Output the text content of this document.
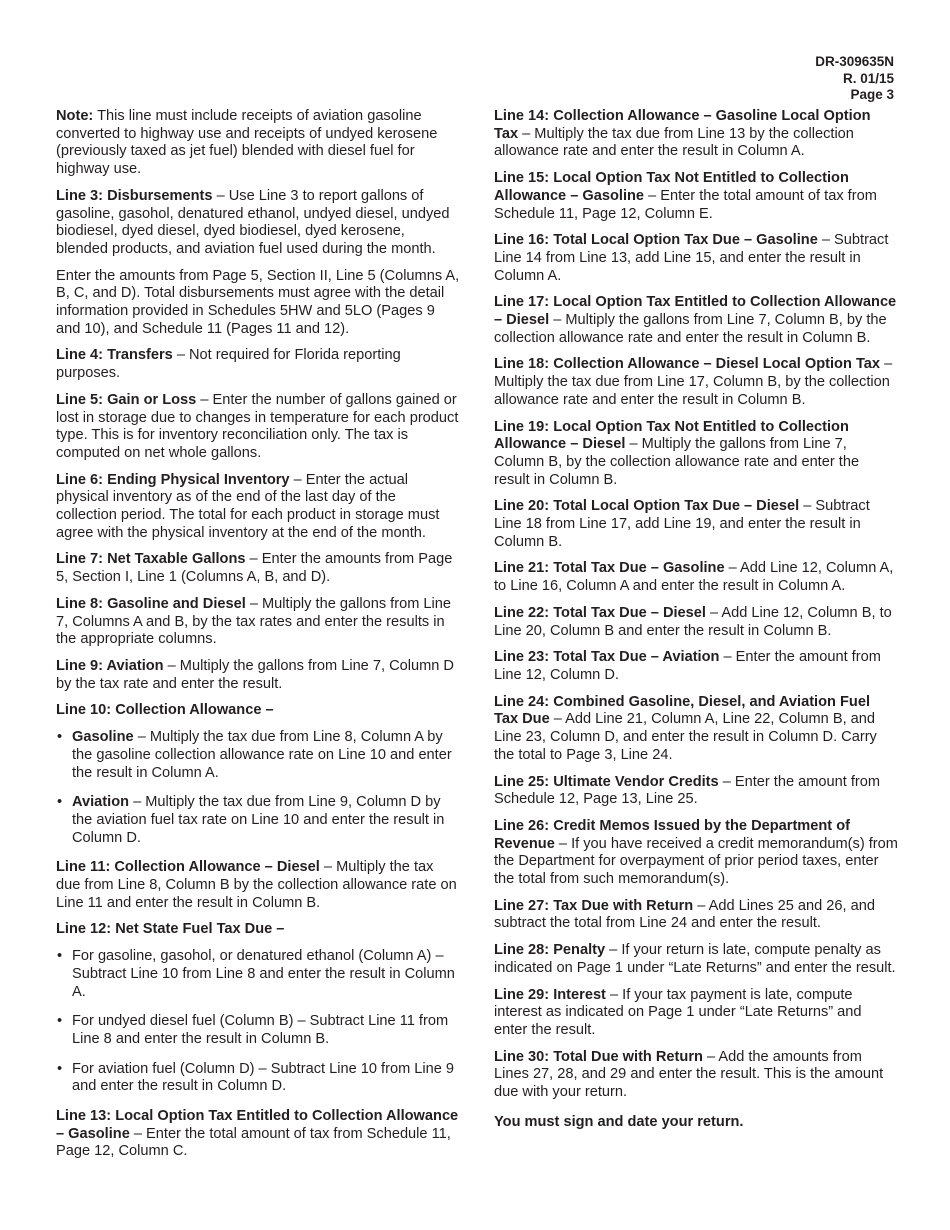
DR-309635N
R. 01/15
Page 3
Note: This line must include receipts of aviation gasoline converted to highway use and receipts of undyed kerosene (previously taxed as jet fuel) blended with diesel fuel for highway use.
Line 3: Disbursements – Use Line 3 to report gallons of gasoline, gasohol, denatured ethanol, undyed diesel, undyed biodiesel, dyed diesel, dyed biodiesel, dyed kerosene, blended products, and aviation fuel used during the month.
Enter the amounts from Page 5, Section II, Line 5 (Columns A, B, C, and D). Total disbursements must agree with the detail information provided in Schedules 5HW and 5LO (Pages 9 and 10), and Schedule 11 (Pages 11 and 12).
Line 4: Transfers – Not required for Florida reporting purposes.
Line 5: Gain or Loss – Enter the number of gallons gained or lost in storage due to changes in temperature for each product type. This is for inventory reconciliation only. The tax is computed on net whole gallons.
Line 6: Ending Physical Inventory – Enter the actual physical inventory as of the end of the last day of the collection period. The total for each product in storage must agree with the physical inventory at the end of the month.
Line 7: Net Taxable Gallons – Enter the amounts from Page 5, Section I, Line 1 (Columns A, B, and D).
Line 8: Gasoline and Diesel – Multiply the gallons from Line 7, Columns A and B, by the tax rates and enter the results in the appropriate columns.
Line 9: Aviation – Multiply the gallons from Line 7, Column D by the tax rate and enter the result.
Line 10: Collection Allowance –
• Gasoline – Multiply the tax due from Line 8, Column A by the gasoline collection allowance rate on Line 10 and enter the result in Column A.
• Aviation – Multiply the tax due from Line 9, Column D by the aviation fuel tax rate on Line 10 and enter the result in Column D.
Line 11: Collection Allowance – Diesel – Multiply the tax due from Line 8, Column B by the collection allowance rate on Line 11 and enter the result in Column B.
Line 12: Net State Fuel Tax Due –
• For gasoline, gasohol, or denatured ethanol (Column A) – Subtract Line 10 from Line 8 and enter the result in Column A.
• For undyed diesel fuel (Column B) – Subtract Line 11 from Line 8 and enter the result in Column B.
• For aviation fuel (Column D) – Subtract Line 10 from Line 9 and enter the result in Column D.
Line 13: Local Option Tax Entitled to Collection Allowance – Gasoline – Enter the total amount of tax from Schedule 11, Page 12, Column C.
Line 14: Collection Allowance – Gasoline Local Option Tax – Multiply the tax due from Line 13 by the collection allowance rate and enter the result in Column A.
Line 15: Local Option Tax Not Entitled to Collection Allowance – Gasoline – Enter the total amount of tax from Schedule 11, Page 12, Column E.
Line 16: Total Local Option Tax Due – Gasoline – Subtract Line 14 from Line 13, add Line 15, and enter the result in Column A.
Line 17: Local Option Tax Entitled to Collection Allowance – Diesel – Multiply the gallons from Line 7, Column B, by the collection allowance rate and enter the result in Column B.
Line 18: Collection Allowance – Diesel Local Option Tax – Multiply the tax due from Line 17, Column B, by the collection allowance rate and enter the result in Column B.
Line 19: Local Option Tax Not Entitled to Collection Allowance – Diesel – Multiply the gallons from Line 7, Column B, by the collection allowance rate and enter the result in Column B.
Line 20: Total Local Option Tax Due – Diesel – Subtract Line 18 from Line 17, add Line 19, and enter the result in Column B.
Line 21: Total Tax Due – Gasoline – Add Line 12, Column A, to Line 16, Column A and enter the result in Column A.
Line 22: Total Tax Due – Diesel – Add Line 12, Column B, to Line 20, Column B and enter the result in Column B.
Line 23: Total Tax Due – Aviation – Enter the amount from Line 12, Column D.
Line 24: Combined Gasoline, Diesel, and Aviation Fuel Tax Due – Add Line 21, Column A, Line 22, Column B, and Line 23, Column D, and enter the result in Column D. Carry the total to Page 3, Line 24.
Line 25: Ultimate Vendor Credits – Enter the amount from Schedule 12, Page 13, Line 25.
Line 26: Credit Memos Issued by the Department of Revenue – If you have received a credit memorandum(s) from the Department for overpayment of prior period taxes, enter the total from such memorandum(s).
Line 27: Tax Due with Return – Add Lines 25 and 26, and subtract the total from Line 24 and enter the result.
Line 28: Penalty – If your return is late, compute penalty as indicated on Page 1 under “Late Returns” and enter the result.
Line 29: Interest – If your tax payment is late, compute interest as indicated on Page 1 under “Late Returns” and enter the result.
Line 30: Total Due with Return – Add the amounts from Lines 27, 28, and 29 and enter the result. This is the amount due with your return.
You must sign and date your return.
